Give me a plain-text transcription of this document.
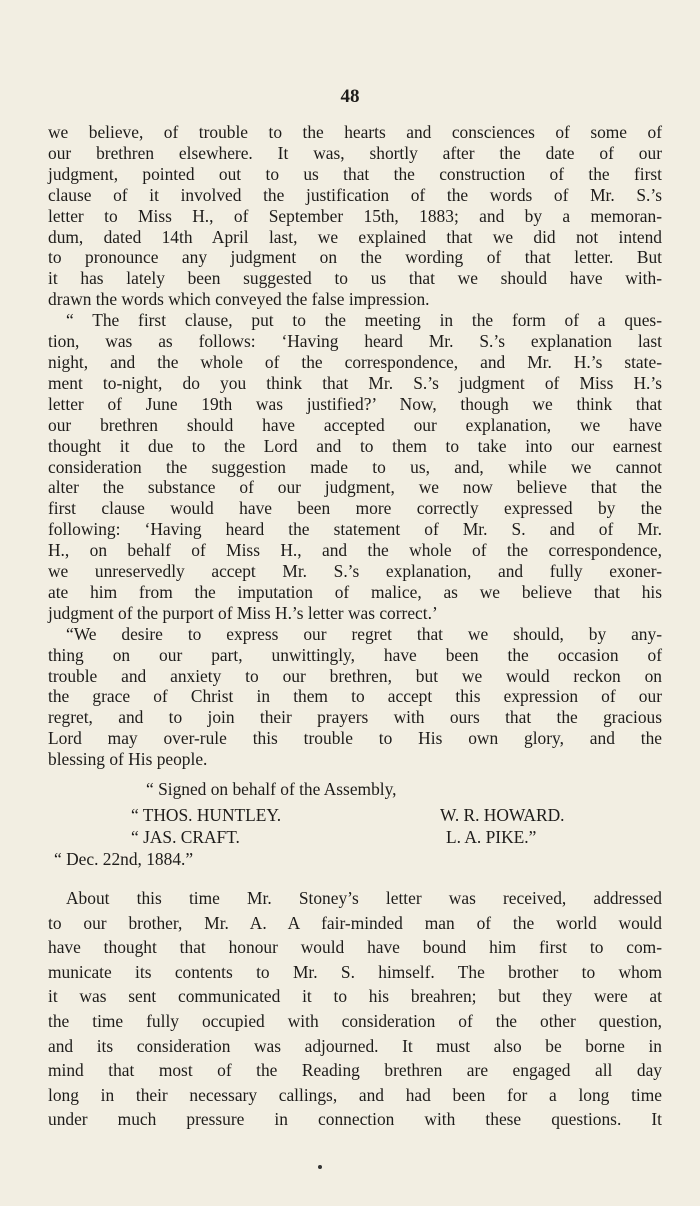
48
we believe, of trouble to the hearts and consciences of some of
our brethren elsewhere. It was, shortly after the date of our
judgment, pointed out to us that the construction of the first
clause of it involved the justification of the words of Mr. S.’s
letter to Miss H., of September 15th, 1883; and by a memoran-
dum, dated 14th April last, we explained that we did not intend
to pronounce any judgment on the wording of that letter. But
it has lately been suggested to us that we should have with-
drawn the words which conveyed the false impression.
“ The first clause, put to the meeting in the form of a ques-
tion, was as follows: ‘Having heard Mr. S.’s explanation last
night, and the whole of the correspondence, and Mr. H.’s state-
ment to-night, do you think that Mr. S.’s judgment of Miss H.’s
letter of June 19th was justified?’ Now, though we think that
our brethren should have accepted our explanation, we have
thought it due to the Lord and to them to take into our earnest
consideration the suggestion made to us, and, while we cannot
alter the substance of our judgment, we now believe that the
first clause would have been more correctly expressed by the
following: ‘Having heard the statement of Mr. S. and of Mr.
H., on behalf of Miss H., and the whole of the correspondence,
we unreservedly accept Mr. S.’s explanation, and fully exoner-
ate him from the imputation of malice, as we believe that his
judgment of the purport of Miss H.’s letter was correct.’
“We desire to express our regret that we should, by any-
thing on our part, unwittingly, have been the occasion of
trouble and anxiety to our brethren, but we would reckon on
the grace of Christ in them to accept this expression of our
regret, and to join their prayers with ours that the gracious
Lord may over-rule this trouble to His own glory, and the
blessing of His people.
“ Signed on behalf of the Assembly,
“ THOS. HUNTLEY.	W. R. HOWARD.
“ JAS. CRAFT.	L. A. PIKE.”
“ Dec. 22nd, 1884.”
About this time Mr. Stoney’s letter was received, addressed
to our brother, Mr. A. A fair-minded man of the world would
have thought that honour would have bound him first to com-
municate its contents to Mr. S. himself. The brother to whom
it was sent communicated it to his breahren; but they were at
the time fully occupied with consideration of the other question,
and its consideration was adjourned. It must also be borne in
mind that most of the Reading brethren are engaged all day
long in their necessary callings, and had been for a long time
under much pressure in connection with these questions. It
